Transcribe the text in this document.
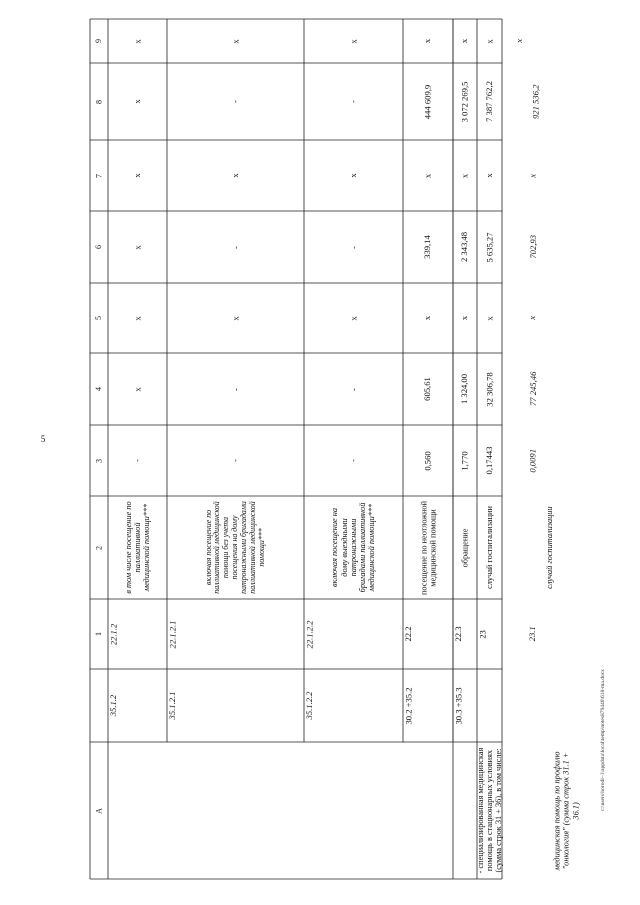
5
c:\users\borodi~1\appdata\local\temp\notes879440\618-ma.docx
A
1
2
3
4
5
6
7
8
9	х
х
х
х
х
х
-
в том числе посещение по паллиативной медицинской помощи***
22.1.2
35.1.2
х
-
х
-
х
-
-
включая посещение по паллиативной медицинской помощи без учета посещения на дому патронажными бригадами паллиативной медицинской помощи***
22.1.2.1
35.1.2.1
х
-
х
-
х
-
-
включая посещение на дому выездными патронажными бригадами паллиативной медицинской помощи***
22.1.2.2
35.1.2.2
х
444 609,9
х
339,14
х
605,61
0,560
посещение по неотложной медицинской помощи
22.2
30.2 +35.2
х
3 072 269,5
х
2 343,48
х
1 324,00
1,770
обращение
22.3
30.3 +35.3
х
7 387 762,2
х
5 635,27
х
32 306,78
0,17443
случай госпитализации
23
- специализированная медицинская помощь в стационарных условиях (сумма строк 31 + 36), в том числе:
х
921 536,2
х
702,93
х
77 245,46
0,0091
случай госпитализации
23.1
медицинская помощь по профилю "онкология" (сумма строк 31.1 + 36.1)
